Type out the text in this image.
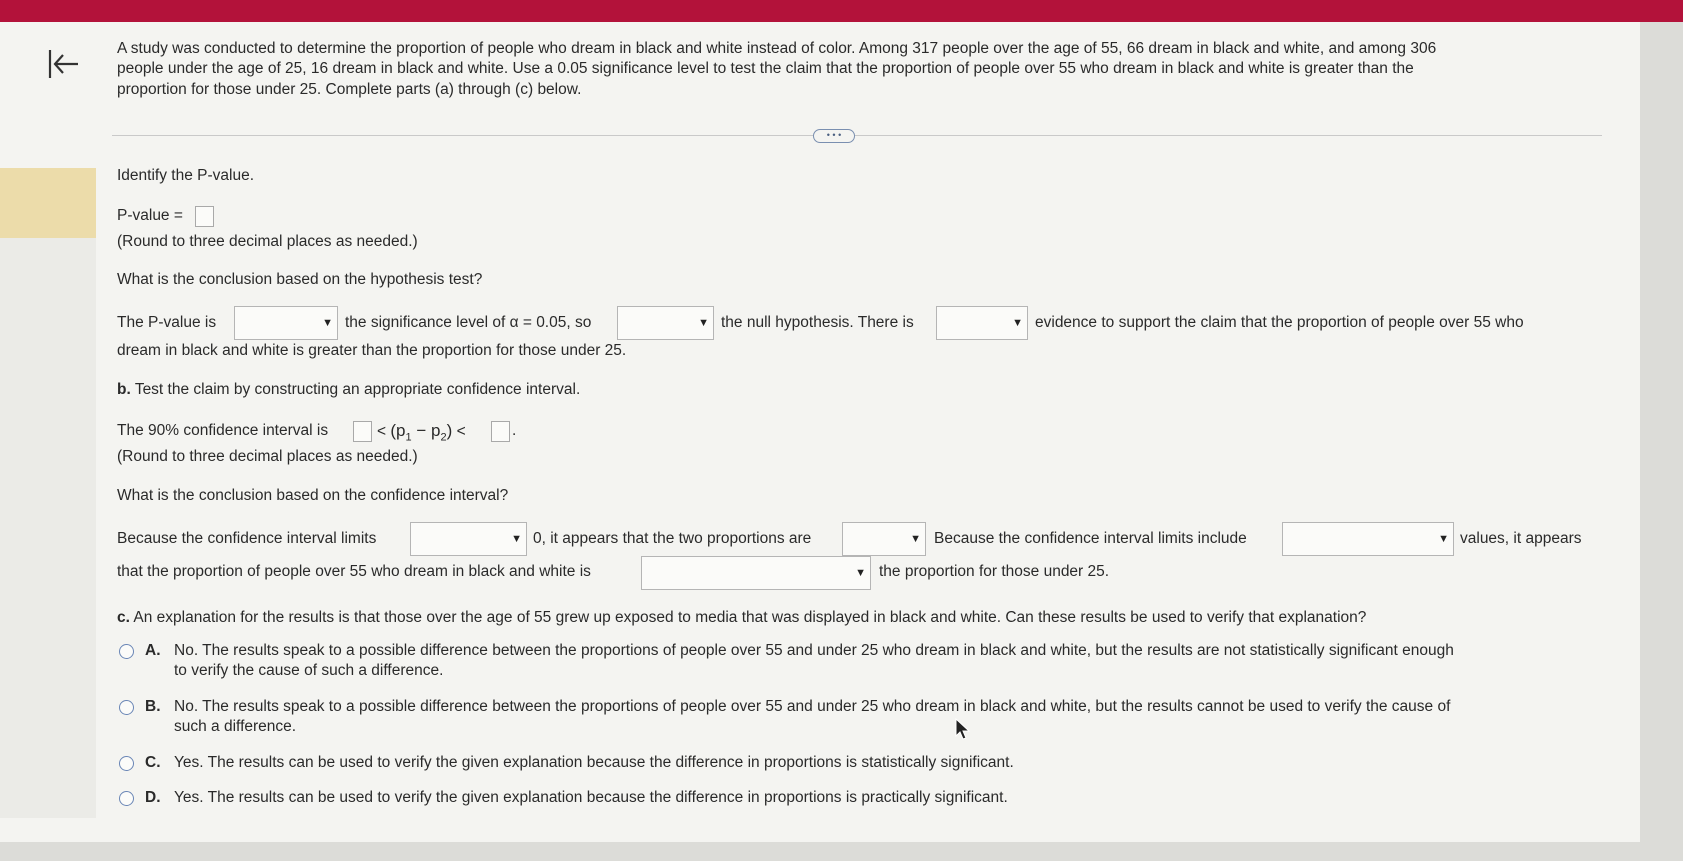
A study was conducted to determine the proportion of people who dream in black and white instead of color. Among 317 people over the age of 55, 66 dream in black and white, and among 306
people under the age of 25, 16 dream in black and white. Use a 0.05 significance level to test the claim that the proportion of people over 55 who dream in black and white is greater than the
proportion for those under 25. Complete parts (a) through (c) below.
• • •
Identify the P-value.
P-value =
(Round to three decimal places as needed.)
What is the conclusion based on the hypothesis test?
The P-value is	▼ the significance level of α = 0.05, so	▼ the null hypothesis. There is	▼ evidence to support the claim that the proportion of people over 55 who
dream in black and white is greater than the proportion for those under 25.
b. Test the claim by constructing an appropriate confidence interval.
The 90% confidence interval is	< $(p_1 - p_2)$ <	.
(Round to three decimal places as needed.)
What is the conclusion based on the confidence interval?
Because the confidence interval limits	▼ 0, it appears that the two proportions are	▼ Because the confidence interval limits include	▼ values, it appears
that the proportion of people over 55 who dream in black and white is	▼ the proportion for those under 25.
c. An explanation for the results is that those over the age of 55 grew up exposed to media that was displayed in black and white. Can these results be used to verify that explanation?
A. No. The results speak to a possible difference between the proportions of people over 55 and under 25 who dream in black and white, but the results are not statistically significant enough
to verify the cause of such a difference.
B. No. The results speak to a possible difference between the proportions of people over 55 and under 25 who dream in black and white, but the results cannot be used to verify the cause of
such a difference.
C. Yes. The results can be used to verify the given explanation because the difference in proportions is statistically significant.
D. Yes. The results can be used to verify the given explanation because the difference in proportions is practically significant.
